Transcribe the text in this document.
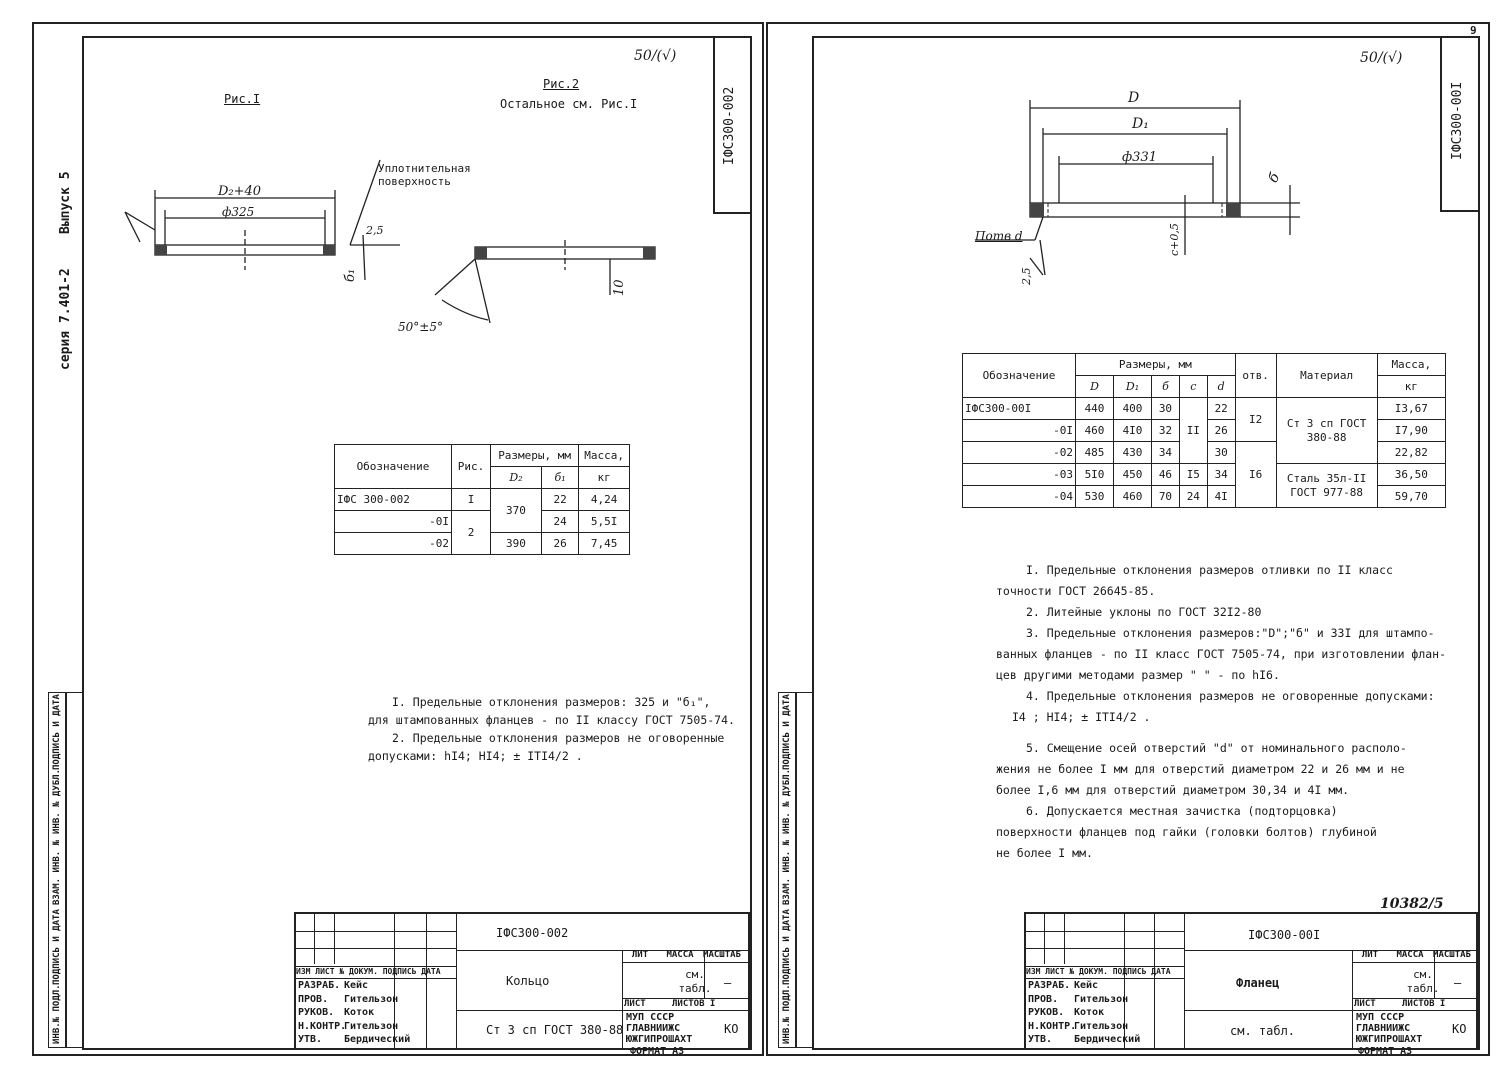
серия 7.401-2
Выпуск 5
ІФС300-002
50/(√)
Рис.I
Рис.2
Остальное см. Рис.I
D₂+40
ф325
Уплотнительная поверхность
2,5
б₁
10
50°±5°
Обозначение	Рис.	Размеры, мм		Масса,
		D₂	б₁	кг
ІФС 300-002	I	370	22	4,24
-0I	2		24	5,5I
-02		390	26	7,45
I. Предельные отклонения размеров: 325 и "б₁",
для штампованных фланцев - по II классу ГОСТ 7505-74.
2. Предельные отклонения размеров не оговоренные
допусками: hI4; HI4; ± ITI4/2 .
ИНВ.№ ПОДЛ.
ПОДПИСЬ И ДАТА
ВЗАМ. ИНВ. №
ИНВ. № ДУБЛ.
ПОДПИСЬ И ДАТА
ИЗМ ЛИСТ № ДОКУМ. ПОДПИСЬ ДАТА
РАЗРАБ. Кейс
ПРОВ. Гительзон
РУКОВ. Коток
Н.КОНТР.Гительзон
УТВ. Бердический
ІФС300-002
Кольцо
Ст 3 сп ГОСТ 380-88
ЛИТ МАССА МАСШТАБ
см. табл. —
ЛИСТ	ЛИСТОВ I
МУП СССР ГЛАВНИИЖС ЮЖГИПРОШАХТ
КО
ФОРМАТ А3
9
ІФС300-00I
50/(√)
D
D₁
ф331
б
с+0,5
Потв d
2,5
Обозначение	Размеры, мм					отв.	Материал	Масса,
	D	D₁	б	с	d			кг
ІФС300-00I	440	400	30	II	22	I2	Ст 3 сп ГОСТ 380-88	I3,67
-0I	460	4I0	32		26			I7,90
-02	485	430	34		30	I6		22,82
-03	5I0	450	46	I5	34		Сталь 35л-II ГОСТ 977-88	36,50
-04	530	460	70	24	4I			59,70
I. Предельные отклонения размеров отливки по II класс
точности ГОСТ 26645-85.
2. Литейные уклоны по ГОСТ 32I2-80
3. Предельные отклонения размеров:"D";"б" и 33I для штампо-
ванных фланцев - по II класс ГОСТ 7505-74, при изготовлении флан-
цев другими методами размер " " - по hI6.
4. Предельные отклонения размеров не оговоренные допусками:
I4 ; HI4; ± ITI4/2 .
5. Смещение осей отверстий "d" от номинального располо-
жения не более I мм для отверстий диаметром 22 и 26 мм и не
более I,6 мм для отверстий диаметром 30,34 и 4I мм.
6. Допускается местная зачистка (подторцовка)
поверхности фланцев под гайки (головки болтов) глубиной
не более I мм.
10382/5
ИНВ.№ ПОДЛ.
ПОДПИСЬ И ДАТА
ВЗАМ. ИНВ. №
ИНВ. № ДУБЛ.
ПОДПИСЬ И ДАТА
ИЗМ ЛИСТ № ДОКУМ. ПОДПИСЬ ДАТА
РАЗРАБ. Кейс
ПРОВ. Гительзон
РУКОВ. Коток
Н.КОНТР.Гительзон
УТВ. Бердический
ІФС300-00I
Фланец
см. табл.
ЛИТ МАССА МАСШТАБ
см. табл. —
ЛИСТ	ЛИСТОВ I
МУП СССР ГЛАВНИИЖС ЮЖГИПРОШАХТ
КО
ФОРМАТ А3
